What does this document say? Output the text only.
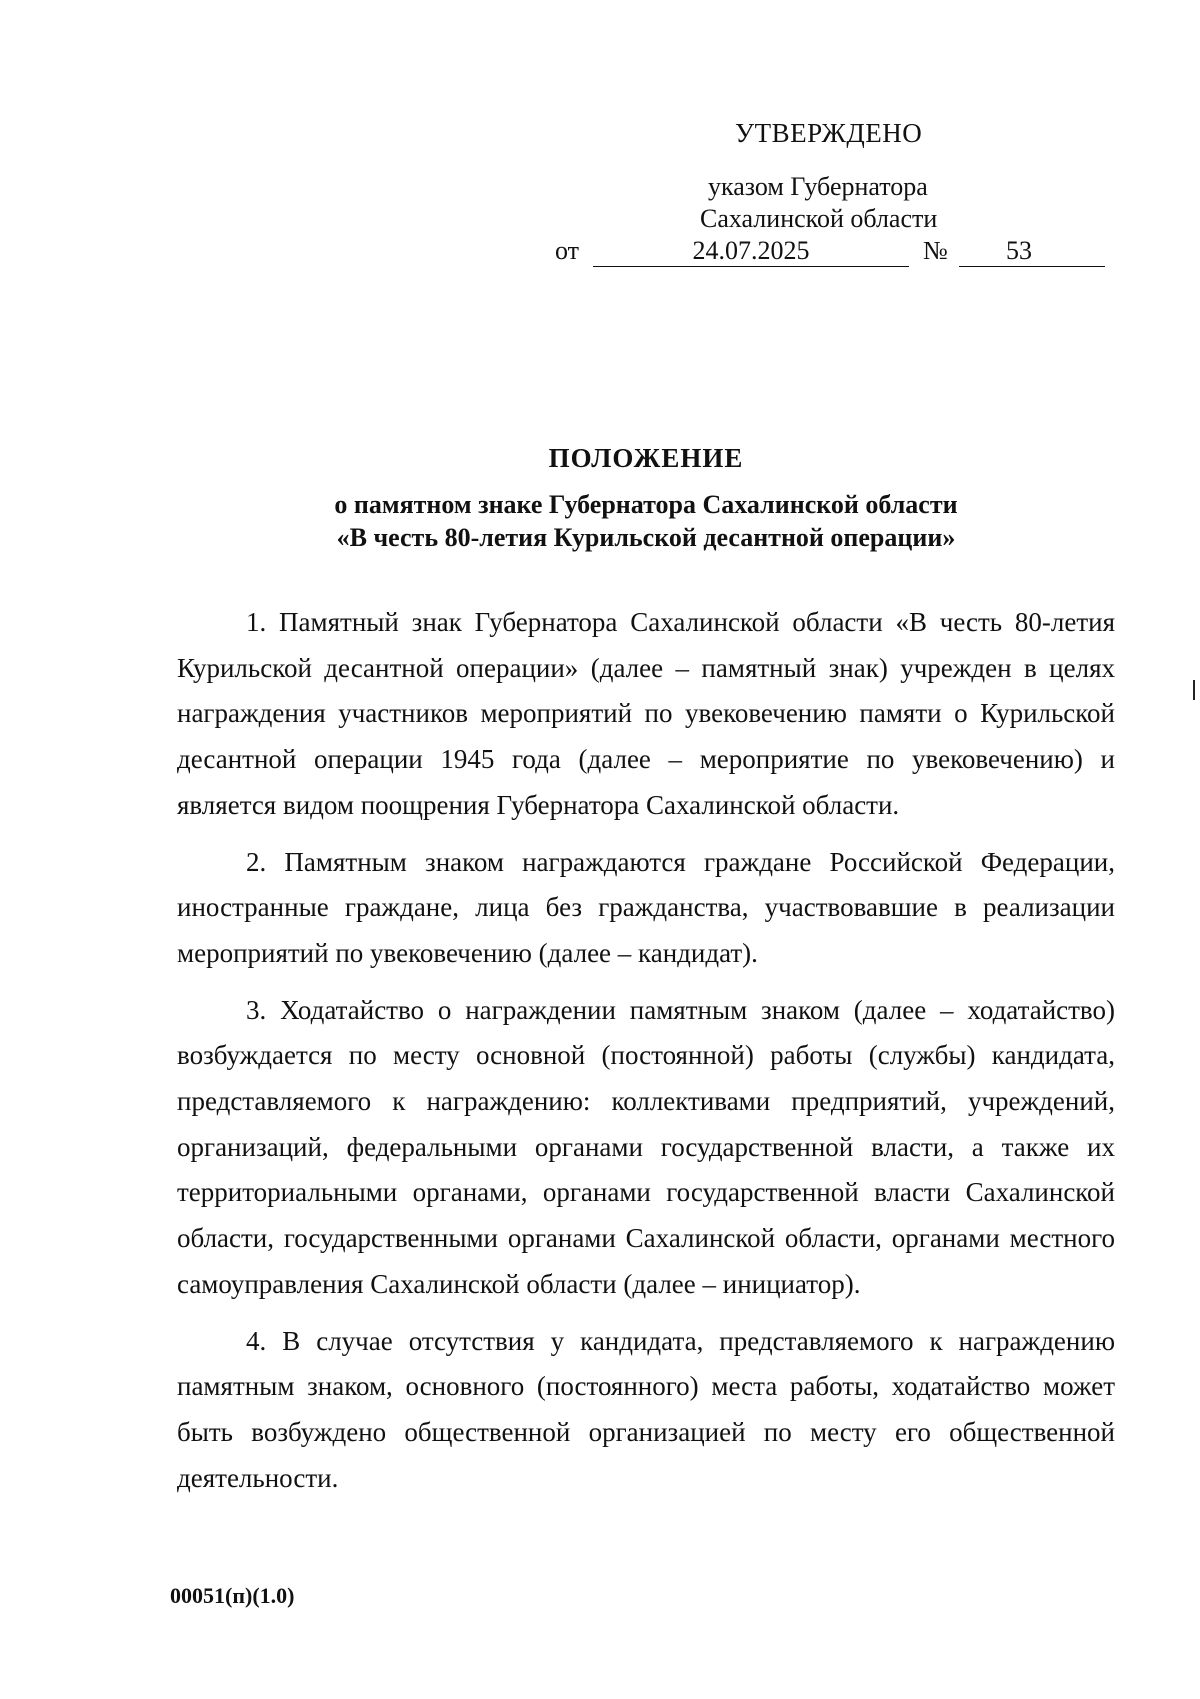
УТВЕРЖДЕНО
указом Губернатора
Сахалинской области
от	24.07.2025	№	53
ПОЛОЖЕНИЕ
о памятном знаке Губернатора Сахалинской области
«В честь 80-летия Курильской десантной операции»

1. Памятный знак Губернатора Сахалинской области «В честь 80-летия Курильской десантной операции» (далее – памятный знак) учрежден в целях награждения участников мероприятий по увековечению памяти о Курильской десантной операции 1945 года (далее – мероприятие по увековечению) и является видом поощрения Губернатора Сахалинской области.

2. Памятным знаком награждаются граждане Российской Федерации, иностранные граждане, лица без гражданства, участвовавшие в реализации мероприятий по увековечению (далее – кандидат).

3. Ходатайство о награждении памятным знаком (далее – ходатайство) возбуждается по месту основной (постоянной) работы (службы) кандидата, представляемого к награждению: коллективами предприятий, учреждений, организаций, федеральными органами государственной власти, а также их территориальными органами, органами государственной власти Сахалинской области, государственными органами Сахалинской области, органами местного самоуправления Сахалинской области (далее – инициатор).

4. В случае отсутствия у кандидата, представляемого к награждению памятным знаком, основного (постоянного) места работы, ходатайство может быть возбуждено общественной организацией по месту его общественной деятельности.

00051(п)(1.0)
